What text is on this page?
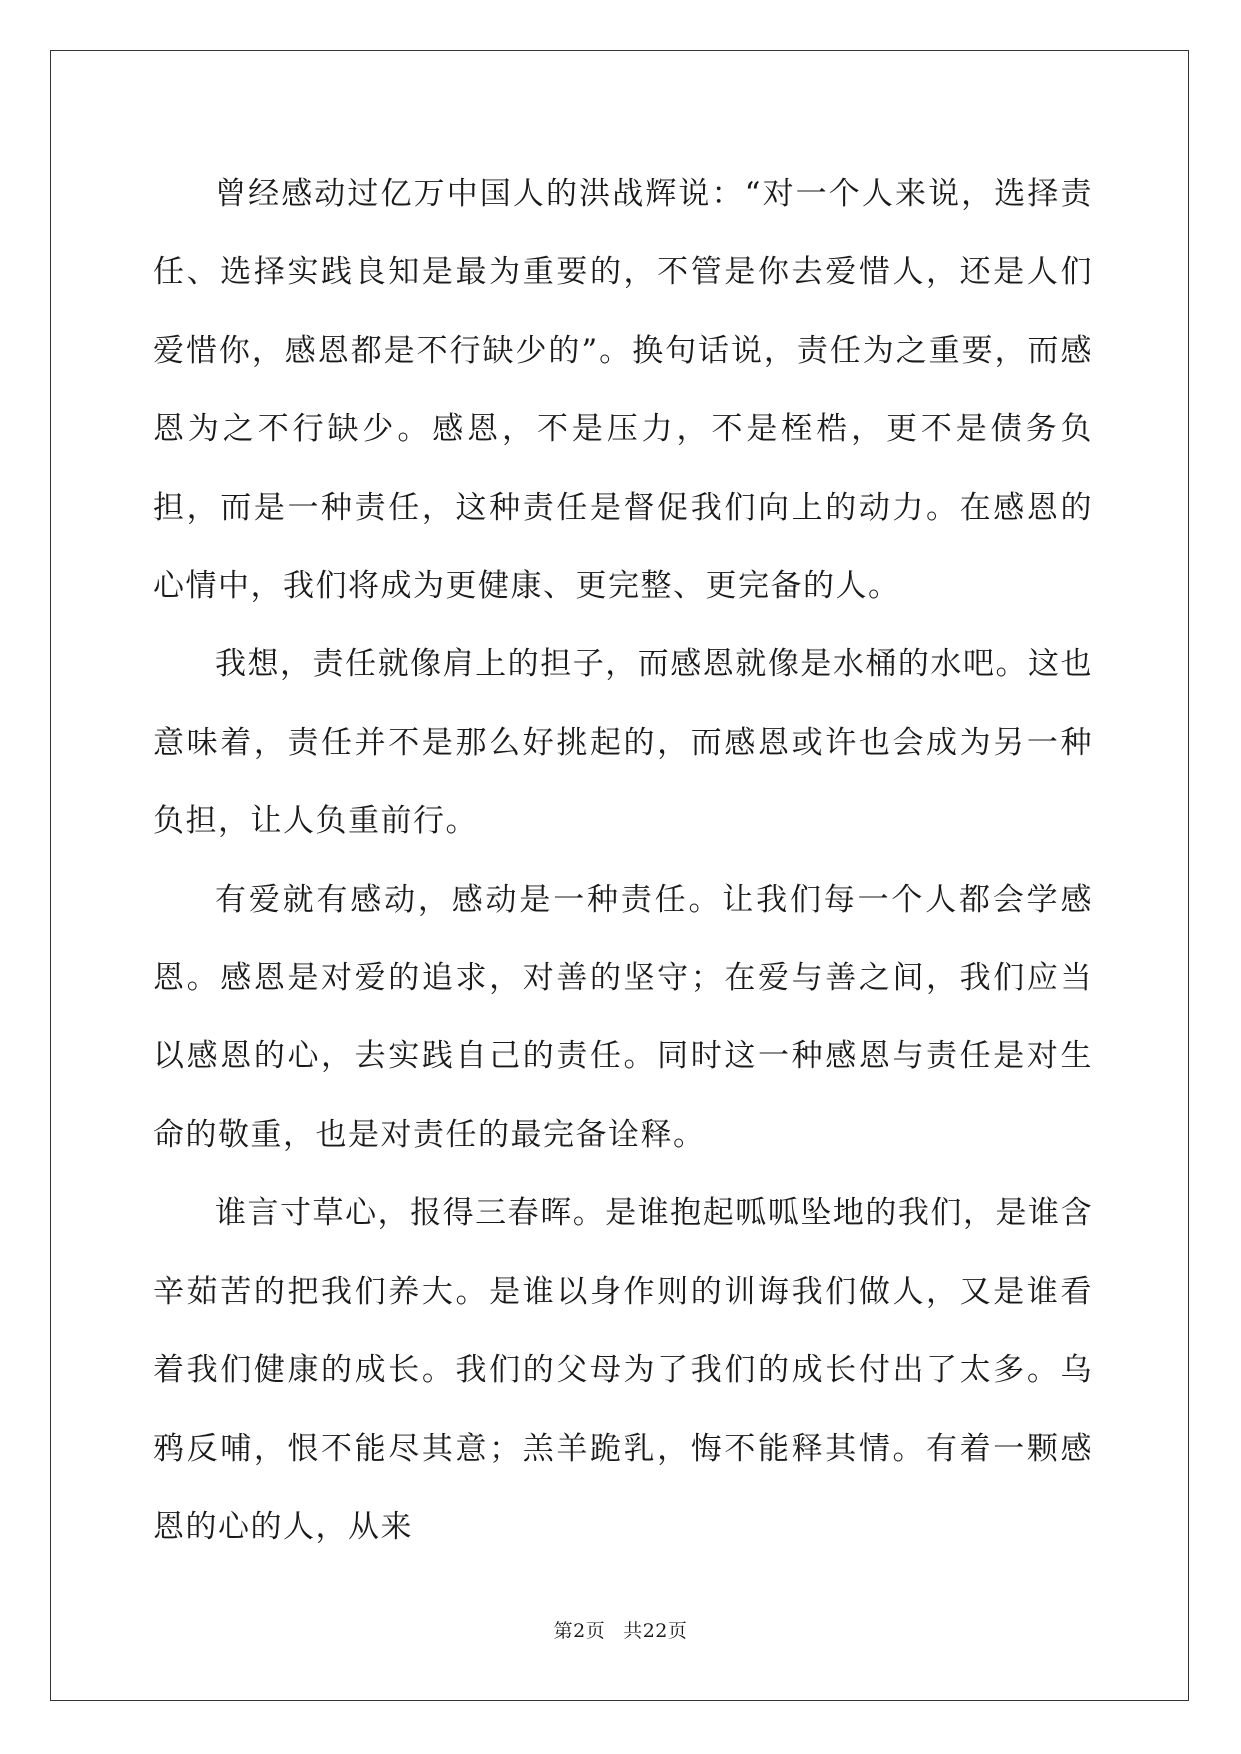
曾经感动过亿万中国人的洪战辉说：“对一个人来说，选择责任、选择实践良知是最为重要的，不管是你去爱惜人，还是人们爱惜你，感恩都是不行缺少的”。换句话说，责任为之重要，而感恩为之不行缺少。感恩，不是压力，不是桎梏，更不是债务负担，而是一种责任，这种责任是督促我们向上的动力。在感恩的心情中，我们将成为更健康、更完整、更完备的人。

我想，责任就像肩上的担子，而感恩就像是水桶的水吧。这也意味着，责任并不是那么好挑起的，而感恩或许也会成为另一种负担，让人负重前行。

有爱就有感动，感动是一种责任。让我们每一个人都会学感恩。感恩是对爱的追求，对善的坚守；在爱与善之间，我们应当以感恩的心，去实践自己的责任。同时这一种感恩与责任是对生命的敬重，也是对责任的最完备诠释。

谁言寸草心，报得三春晖。是谁抱起呱呱坠地的我们，是谁含辛茹苦的把我们养大。是谁以身作则的训诲我们做人，又是谁看着我们健康的成长。我们的父母为了我们的成长付出了太多。乌鸦反哺，恨不能尽其意；羔羊跪乳，悔不能释其情。有着一颗感恩的心的人，从来

第2页 共22页
